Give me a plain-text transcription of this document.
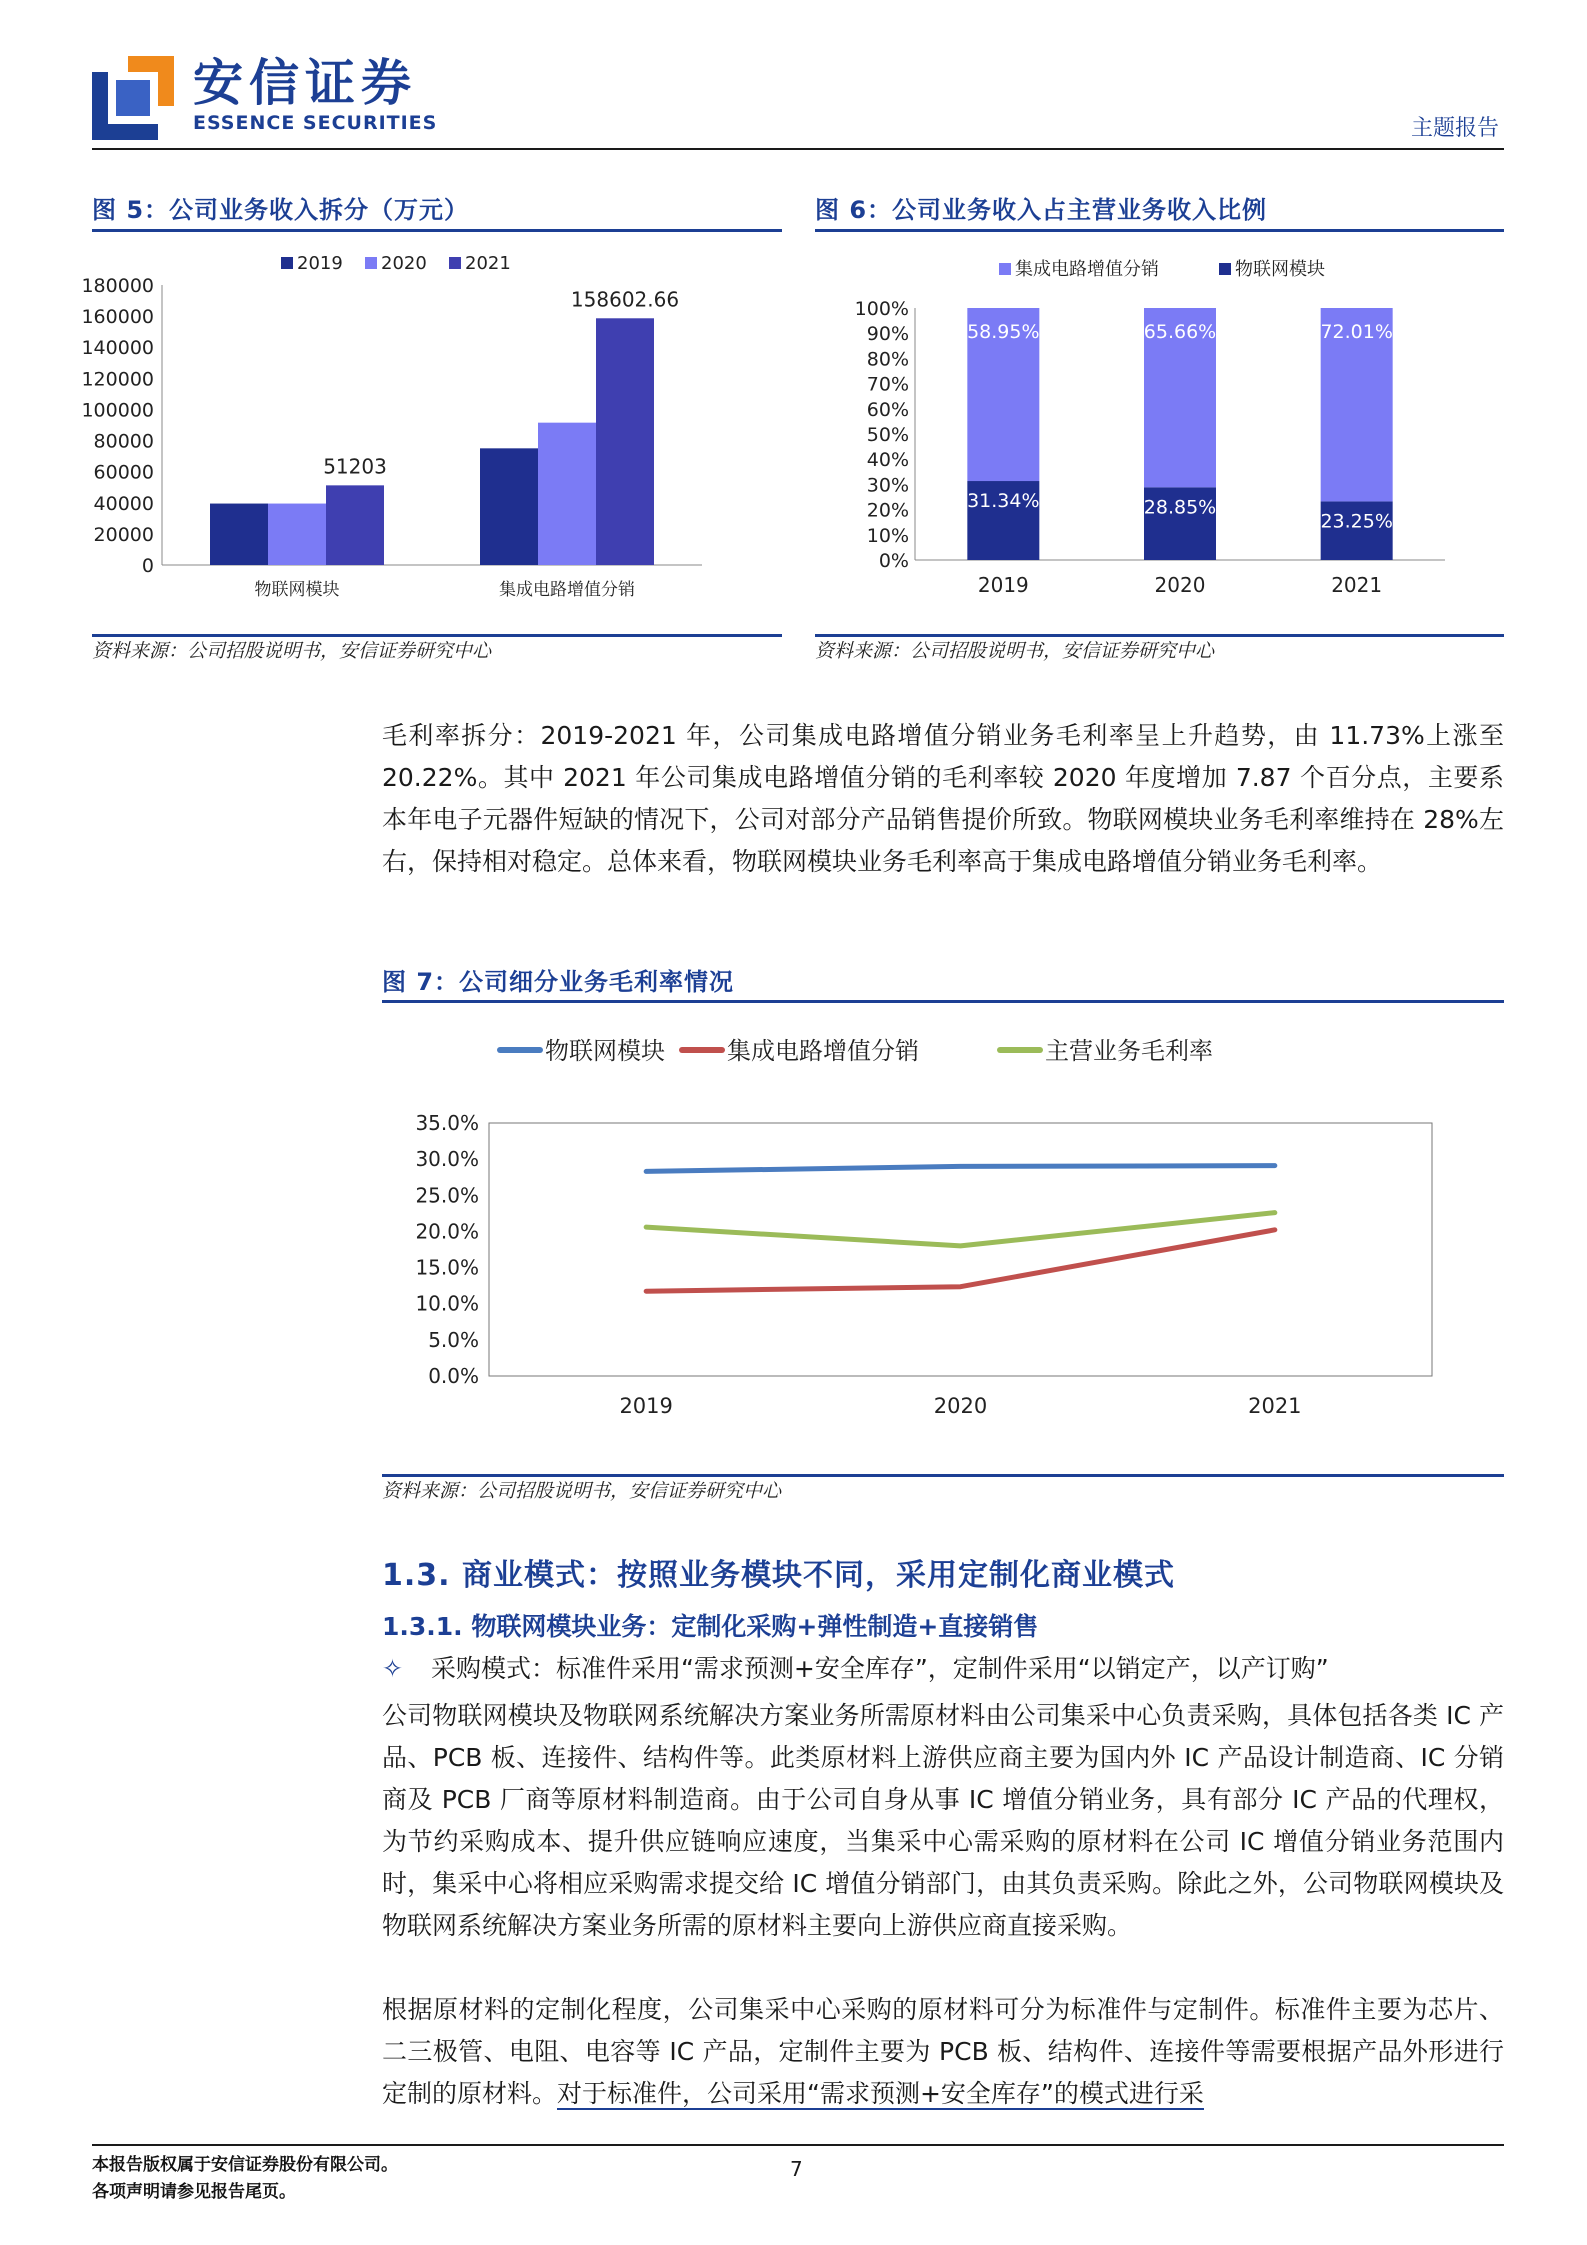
安信证券
ESSENCE SECURITIES	主题报告
图 5：公司业务收入拆分（万元）
2019 2020 2021
0
20000
40000
60000
80000
100000
120000
140000
160000
180000
物联网模块	集成电路增值分销
51203
158602.66
资料来源：公司招股说明书，安信证券研究中心
图 6：公司业务收入占主营业务收入比例
集成电路增值分销	物联网模块
0%
10%
20%
30%
40%
50%
60%
70%
80%
90%
100%
31.34%
58.95%
2019
28.85%
65.66%
2020
23.25%
72.01%
2021
资料来源：公司招股说明书，安信证券研究中心

毛利率拆分：2019-2021 年，公司集成电路增值分销业务毛利率呈上升趋势，由 11.73%上涨至 20.22%。其中 2021 年公司集成电路增值分销的毛利率较 2020 年度增加 7.87 个百分点，主要系本年电子元器件短缺的情况下，公司对部分产品销售提价所致。物联网模块业务毛利率维持在 28%左右，保持相对稳定。总体来看，物联网模块业务毛利率高于集成电路增值分销业务毛利率。

图 7：公司细分业务毛利率情况
物联网模块	集成电路增值分销	主营业务毛利率
0.0%
5.0%
10.0%
15.0%
20.0%
25.0%
30.0%
35.0%
2019	2020	2021
资料来源：公司招股说明书，安信证券研究中心
1.3. 商业模式：按照业务模块不同，采用定制化商业模式
1.3.1. 物联网模块业务：定制化采购+弹性制造+直接销售
✧ 采购模式：标准件采用“需求预测+安全库存”，定制件采用“以销定产，以产订购”

公司物联网模块及物联网系统解决方案业务所需原材料由公司集采中心负责采购，具体包括各类 IC 产品、PCB 板、连接件、结构件等。此类原材料上游供应商主要为国内外 IC 产品设计制造商、IC 分销商及 PCB 厂商等原材料制造商。由于公司自身从事 IC 增值分销业务，具有部分 IC 产品的代理权，为节约采购成本、提升供应链响应速度，当集采中心需采购的原材料在公司 IC 增值分销业务范围内时，集采中心将相应采购需求提交给 IC 增值分销部门，由其负责采购。除此之外，公司物联网模块及物联网系统解决方案业务所需的原材料主要向上游供应商直接采购。

根据原材料的定制化程度，公司集采中心采购的原材料可分为标准件与定制件。标准件主要为芯片、二三极管、电阻、电容等 IC 产品，定制件主要为 PCB 板、结构件、连接件等需要根据产品外形进行定制的原材料。对于标准件，公司采用“需求预测+安全库存”的模式进行采

本报告版权属于安信证券股份有限公司。
各项声明请参见报告尾页。
7
